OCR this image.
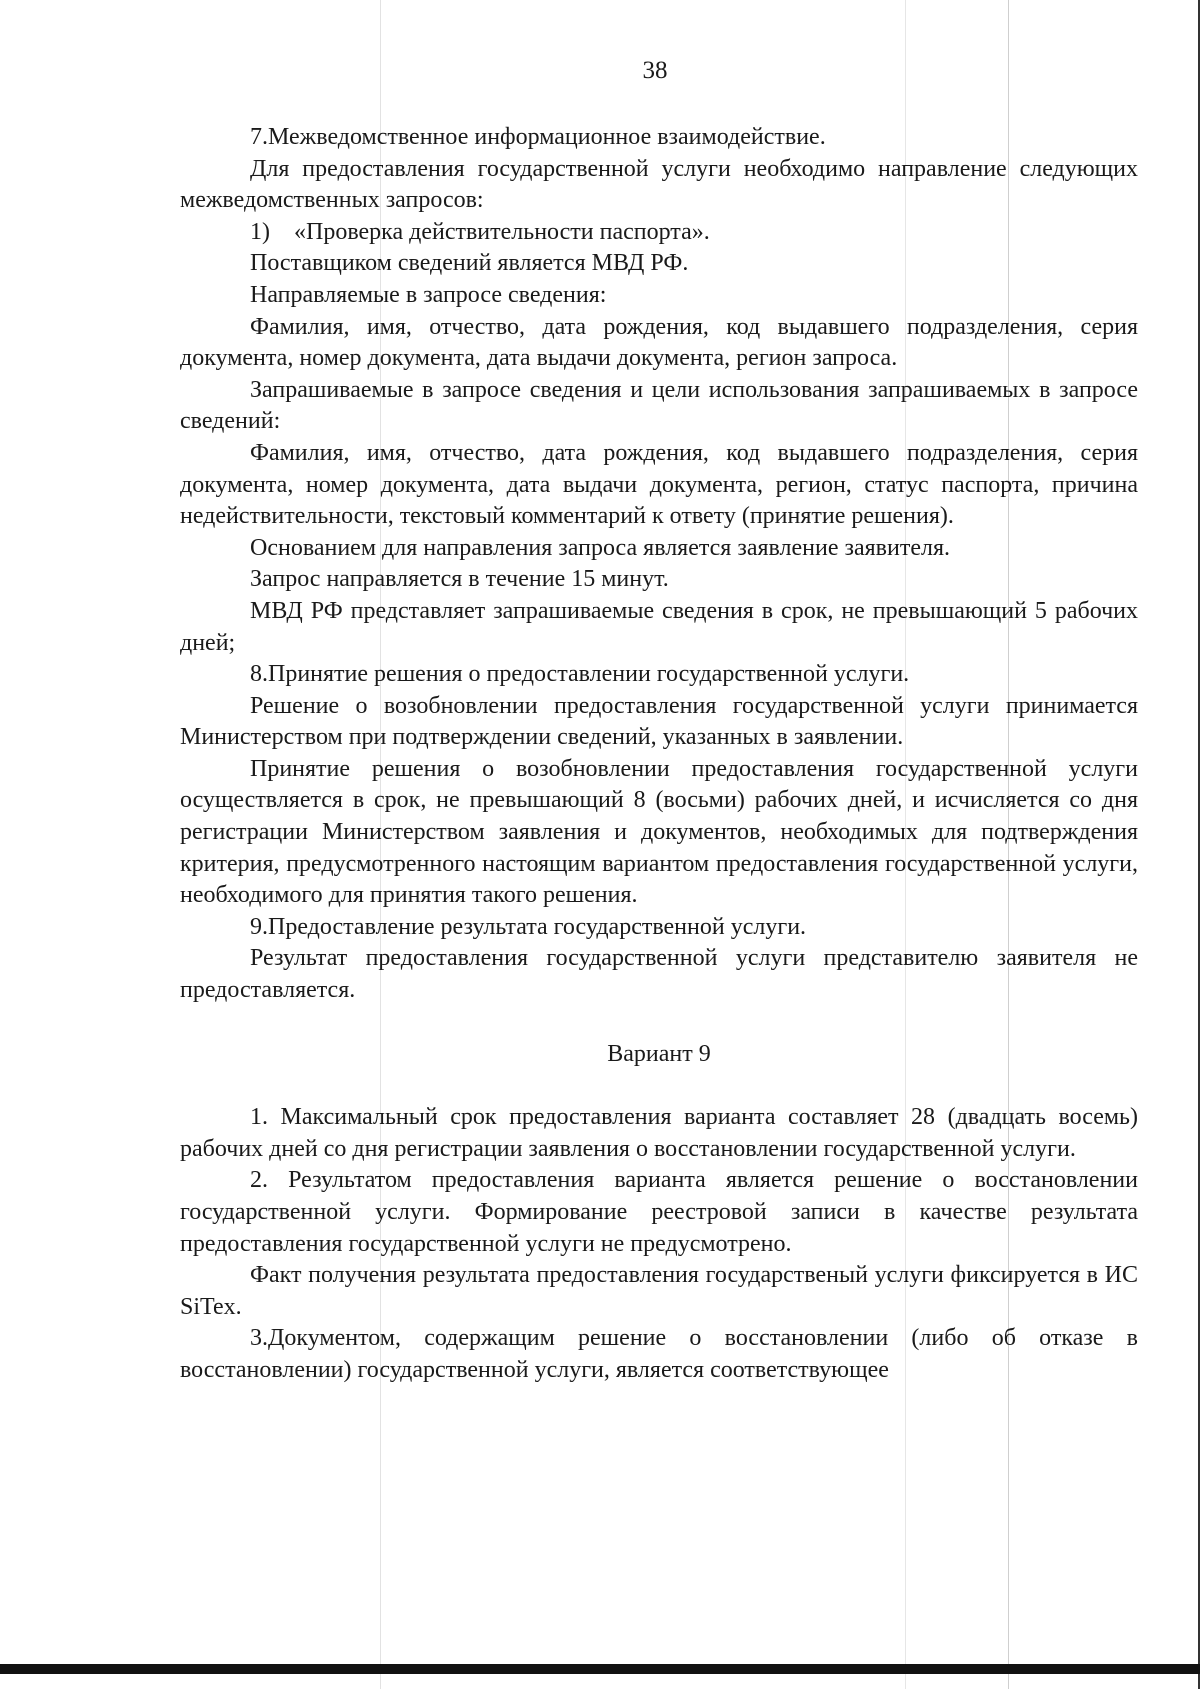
38

7.Межведомственное информационное взаимодействие.

Для предоставления государственной услуги необходимо направление следующих межведомственных запросов:

1) «Проверка действительности паспорта».

Поставщиком сведений является МВД РФ.

Направляемые в запросе сведения:

Фамилия, имя, отчество, дата рождения, код выдавшего подразделения, серия документа, номер документа, дата выдачи документа, регион запроса.

Запрашиваемые в запросе сведения и цели использования запрашиваемых в запросе сведений:

Фамилия, имя, отчество, дата рождения, код выдавшего подразделения, серия документа, номер документа, дата выдачи документа, регион, статус паспорта, причина недействительности, текстовый комментарий к ответу (принятие решения).

Основанием для направления запроса является заявление заявителя.

Запрос направляется в течение 15 минут.

МВД РФ представляет запрашиваемые сведения в срок, не превышающий 5 рабочих дней;

8.Принятие решения о предоставлении государственной услуги.

Решение о возобновлении предоставления государственной услуги принимается Министерством при подтверждении сведений, указанных в заявлении.

Принятие решения о возобновлении предоставления государственной услуги осуществляется в срок, не превышающий 8 (восьми) рабочих дней, и исчисляется со дня регистрации Министерством заявления и документов, необходимых для подтверждения критерия, предусмотренного настоящим вариантом предоставления государственной услуги, необходимого для принятия такого решения.

9.Предоставление результата государственной услуги.

Результат предоставления государственной услуги представителю заявителя не предоставляется.

Вариант 9

1. Максимальный срок предоставления варианта составляет 28 (двадцать восемь) рабочих дней со дня регистрации заявления о восстановлении государственной услуги.

2. Результатом предоставления варианта является решение о восстановлении государственной услуги. Формирование реестровой записи в качестве результата предоставления государственной услуги не предусмотрено.

Факт получения результата предоставления государственый услуги фиксируется в ИС SiTex.

3.Документом, содержащим решение о восстановлении (либо об отказе в восстановлении) государственной услуги, является соответствующее
